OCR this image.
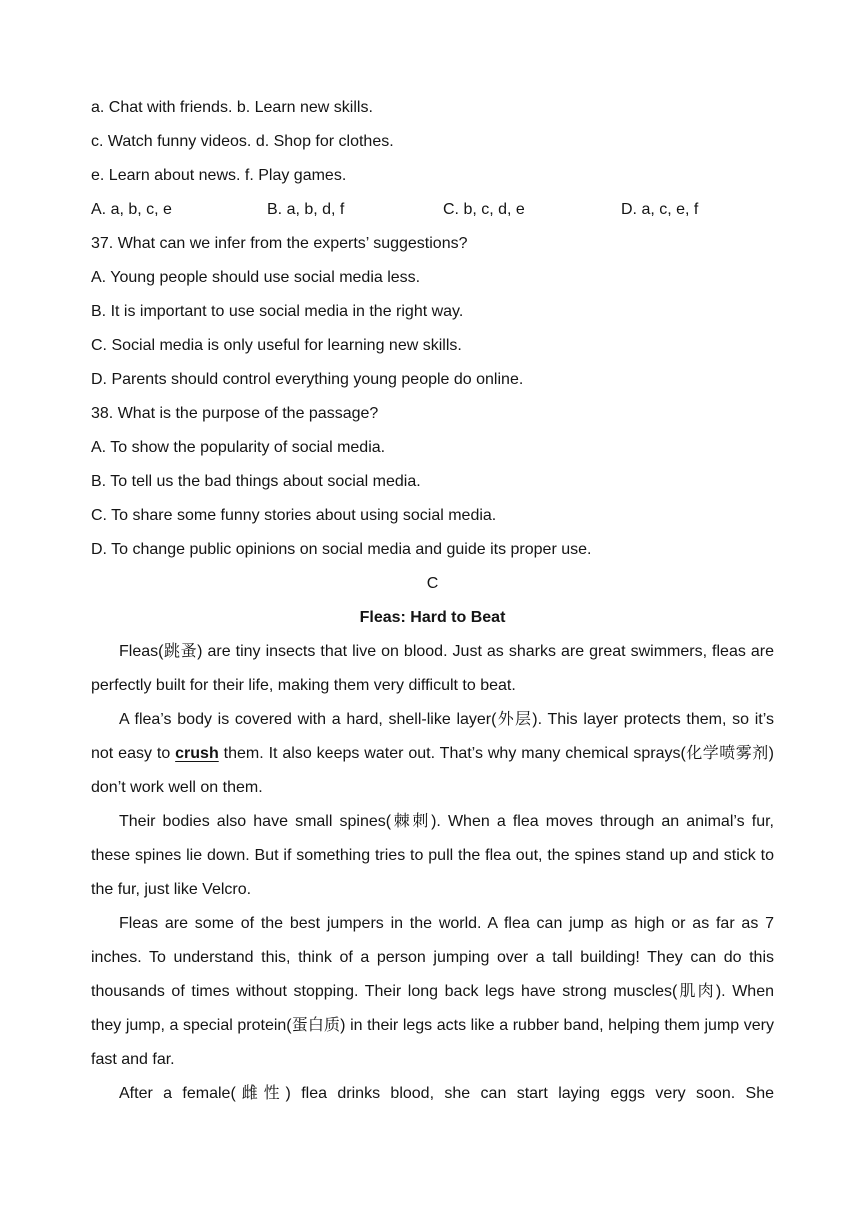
a. Chat with friends. b. Learn new skills.
c. Watch funny videos. d. Shop for clothes.
e. Learn about news. f. Play games.
A. a, b, c, e	B. a, b, d, f	C. b, c, d, e	D. a, c, e, f
37. What can we infer from the experts’ suggestions?
A. Young people should use social media less.
B. It is important to use social media in the right way.
C. Social media is only useful for learning new skills.
D. Parents should control everything young people do online.
38. What is the purpose of the passage?
A. To show the popularity of social media.
B. To tell us the bad things about social media.
C. To share some funny stories about using social media.
D. To change public opinions on social media and guide its proper use.
C
Fleas: Hard to Beat

Fleas(跳蚤) are tiny insects that live on blood. Just as sharks are great swimmers, fleas are perfectly built for their life, making them very difficult to beat.

A flea’s body is covered with a hard, shell-like layer(外层). This layer protects them, so it’s not easy to crush them. It also keeps water out. That’s why many chemical sprays(化学喷雾剂) don’t work well on them.

Their bodies also have small spines(棘刺). When a flea moves through an animal’s fur, these spines lie down. But if something tries to pull the flea out, the spines stand up and stick to the fur, just like Velcro.

Fleas are some of the best jumpers in the world. A flea can jump as high or as far as 7 inches. To understand this, think of a person jumping over a tall building! They can do this thousands of times without stopping. Their long back legs have strong muscles(肌肉). When they jump, a special protein(蛋白质) in their legs acts like a rubber band, helping them jump very fast and far.

After a female(雌性) flea drinks blood, she can start laying eggs very soon. She
